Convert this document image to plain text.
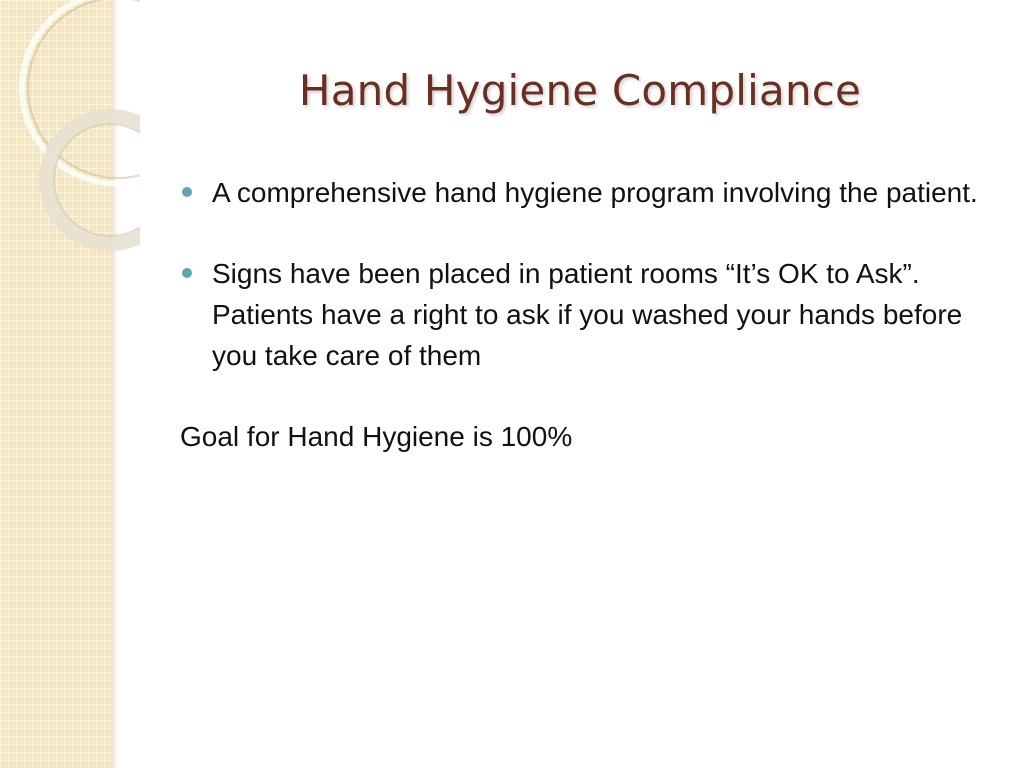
Hand Hygiene Compliance
A comprehensive hand hygiene program involving the patient.
Signs have been placed in patient rooms “It’s OK to Ask”. Patients have a right to ask if you washed your hands before you take care of them
Goal for Hand Hygiene is 100%
